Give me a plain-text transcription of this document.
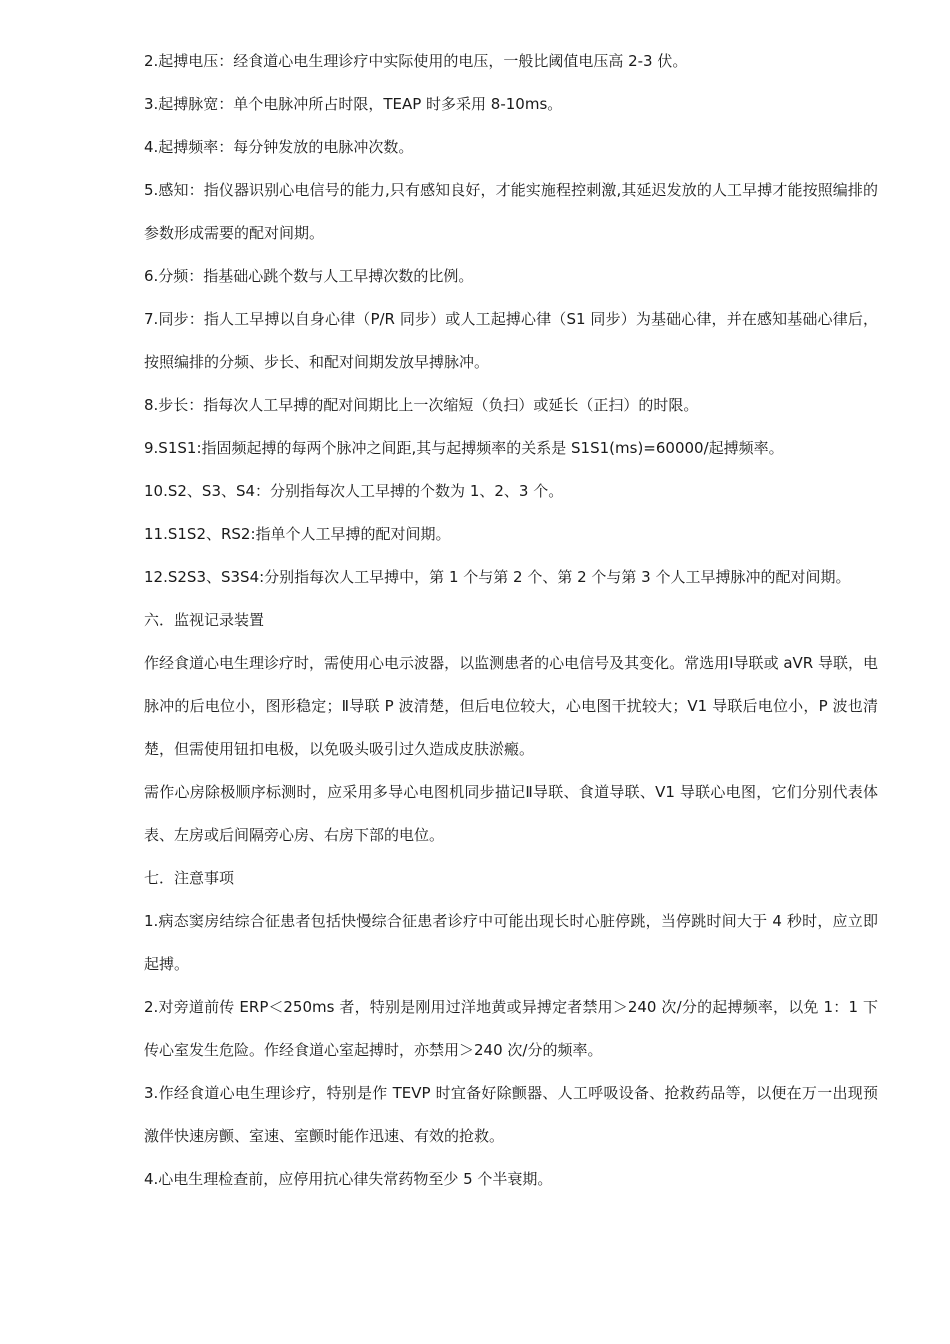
2.起搏电压：经食道心电生理诊疗中实际使用的电压，一般比阈值电压高 2-3 伏。

3.起搏脉宽：单个电脉冲所占时限，TEAP 时多采用 8-10ms。

4.起搏频率：每分钟发放的电脉冲次数。

5.感知：指仪器识别心电信号的能力,只有感知良好，才能实施程控刺激,其延迟发放的人工早搏才能按照编排的参数形成需要的配对间期。

6.分频：指基础心跳个数与人工早搏次数的比例。

7.同步：指人工早搏以自身心律（P/R 同步）或人工起搏心律（S1 同步）为基础心律，并在感知基础心律后，按照编排的分频、步长、和配对间期发放早搏脉冲。

8.步长：指每次人工早搏的配对间期比上一次缩短（负扫）或延长（正扫）的时限。

9.S1S1:指固频起搏的每两个脉冲之间距,其与起搏频率的关系是 S1S1(ms)=60000/起搏频率。

10.S2、S3、S4：分别指每次人工早搏的个数为 1、2、3 个。

11.S1S2、RS2:指单个人工早搏的配对间期。

12.S2S3、S3S4:分别指每次人工早搏中，第 1 个与第 2 个、第 2 个与第 3 个人工早搏脉冲的配对间期。

六．监视记录装置

作经食道心电生理诊疗时，需使用心电示波器，以监测患者的心电信号及其变化。常选用Ⅰ导联或 aVR 导联，电脉冲的后电位小，图形稳定；Ⅱ导联 P 波清楚，但后电位较大，心电图干扰较大；V1 导联后电位小，P 波也清楚，但需使用钮扣电极，以免吸头吸引过久造成皮肤淤瘢。

需作心房除极顺序标测时，应采用多导心电图机同步描记Ⅱ导联、食道导联、V1 导联心电图，它们分别代表体表、左房或后间隔旁心房、右房下部的电位。

七．注意事项

1.病态窦房结综合征患者包括快慢综合征患者诊疗中可能出现长时心脏停跳，当停跳时间大于 4 秒时，应立即起搏。

2.对旁道前传 ERP＜250ms 者，特别是刚用过洋地黄或异搏定者禁用＞240 次/分的起搏频率，以免 1：1 下传心室发生危险。作经食道心室起搏时，亦禁用＞240 次/分的频率。

3.作经食道心电生理诊疗，特别是作 TEVP 时宜备好除颤器、人工呼吸设备、抢救药品等，以便在万一出现预激伴快速房颤、室速、室颤时能作迅速、有效的抢救。

4.心电生理检查前，应停用抗心律失常药物至少 5 个半衰期。
